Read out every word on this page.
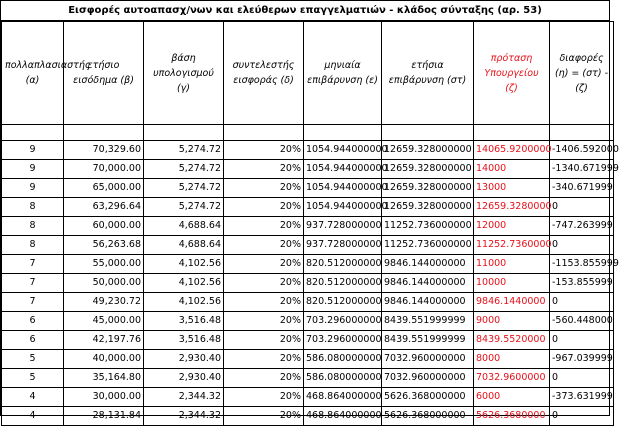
Εισφορές αυτοαπασχ/νων και ελεύθερων επαγγελματιών - κλάδος σύνταξης (αρ. 53)
πολλαπλασιαστής (α)	ετήσιο εισόδημα (β)	βάση υπολογισμού (γ)	συντελεστής εισφοράς (δ)	μηνιαία επιβάρυνση (ε)	ετήσια επιβάρυνση (στ)	πρόταση Υπουργείου (ζ)	διαφορές (η) = (στ) - (ζ)

9	70,329.60	5,274.72	20%	1054.944000000	12659.328000000	14065.9200000	-1406.592000
9	70,000.00	5,274.72	20%	1054.944000000	12659.328000000	14000	-1340.671999
9	65,000.00	5,274.72	20%	1054.944000000	12659.328000000	13000	-340.671999
8	63,296.64	5,274.72	20%	1054.944000000	12659.328000000	12659.3280000	0
8	60,000.00	4,688.64	20%	937.728000000	11252.736000000	12000	-747.263999
8	56,263.68	4,688.64	20%	937.728000000	11252.736000000	11252.7360000	0
7	55,000.00	4,102.56	20%	820.512000000	9846.144000000	11000	-1153.855999
7	50,000.00	4,102.56	20%	820.512000000	9846.144000000	10000	-153.855999
7	49,230.72	4,102.56	20%	820.512000000	9846.144000000	9846.1440000	0
6	45,000.00	3,516.48	20%	703.296000000	8439.551999999	9000	-560.448000
6	42,197.76	3,516.48	20%	703.296000000	8439.551999999	8439.5520000	0
5	40,000.00	2,930.40	20%	586.080000000	7032.960000000	8000	-967.039999
5	35,164.80	2,930.40	20%	586.080000000	7032.960000000	7032.9600000	0
4	30,000.00	2,344.32	20%	468.864000000	5626.368000000	6000	-373.631999
4	28,131.84	2,344.32	20%	468.864000000	5626.368000000	5626.3680000	0
